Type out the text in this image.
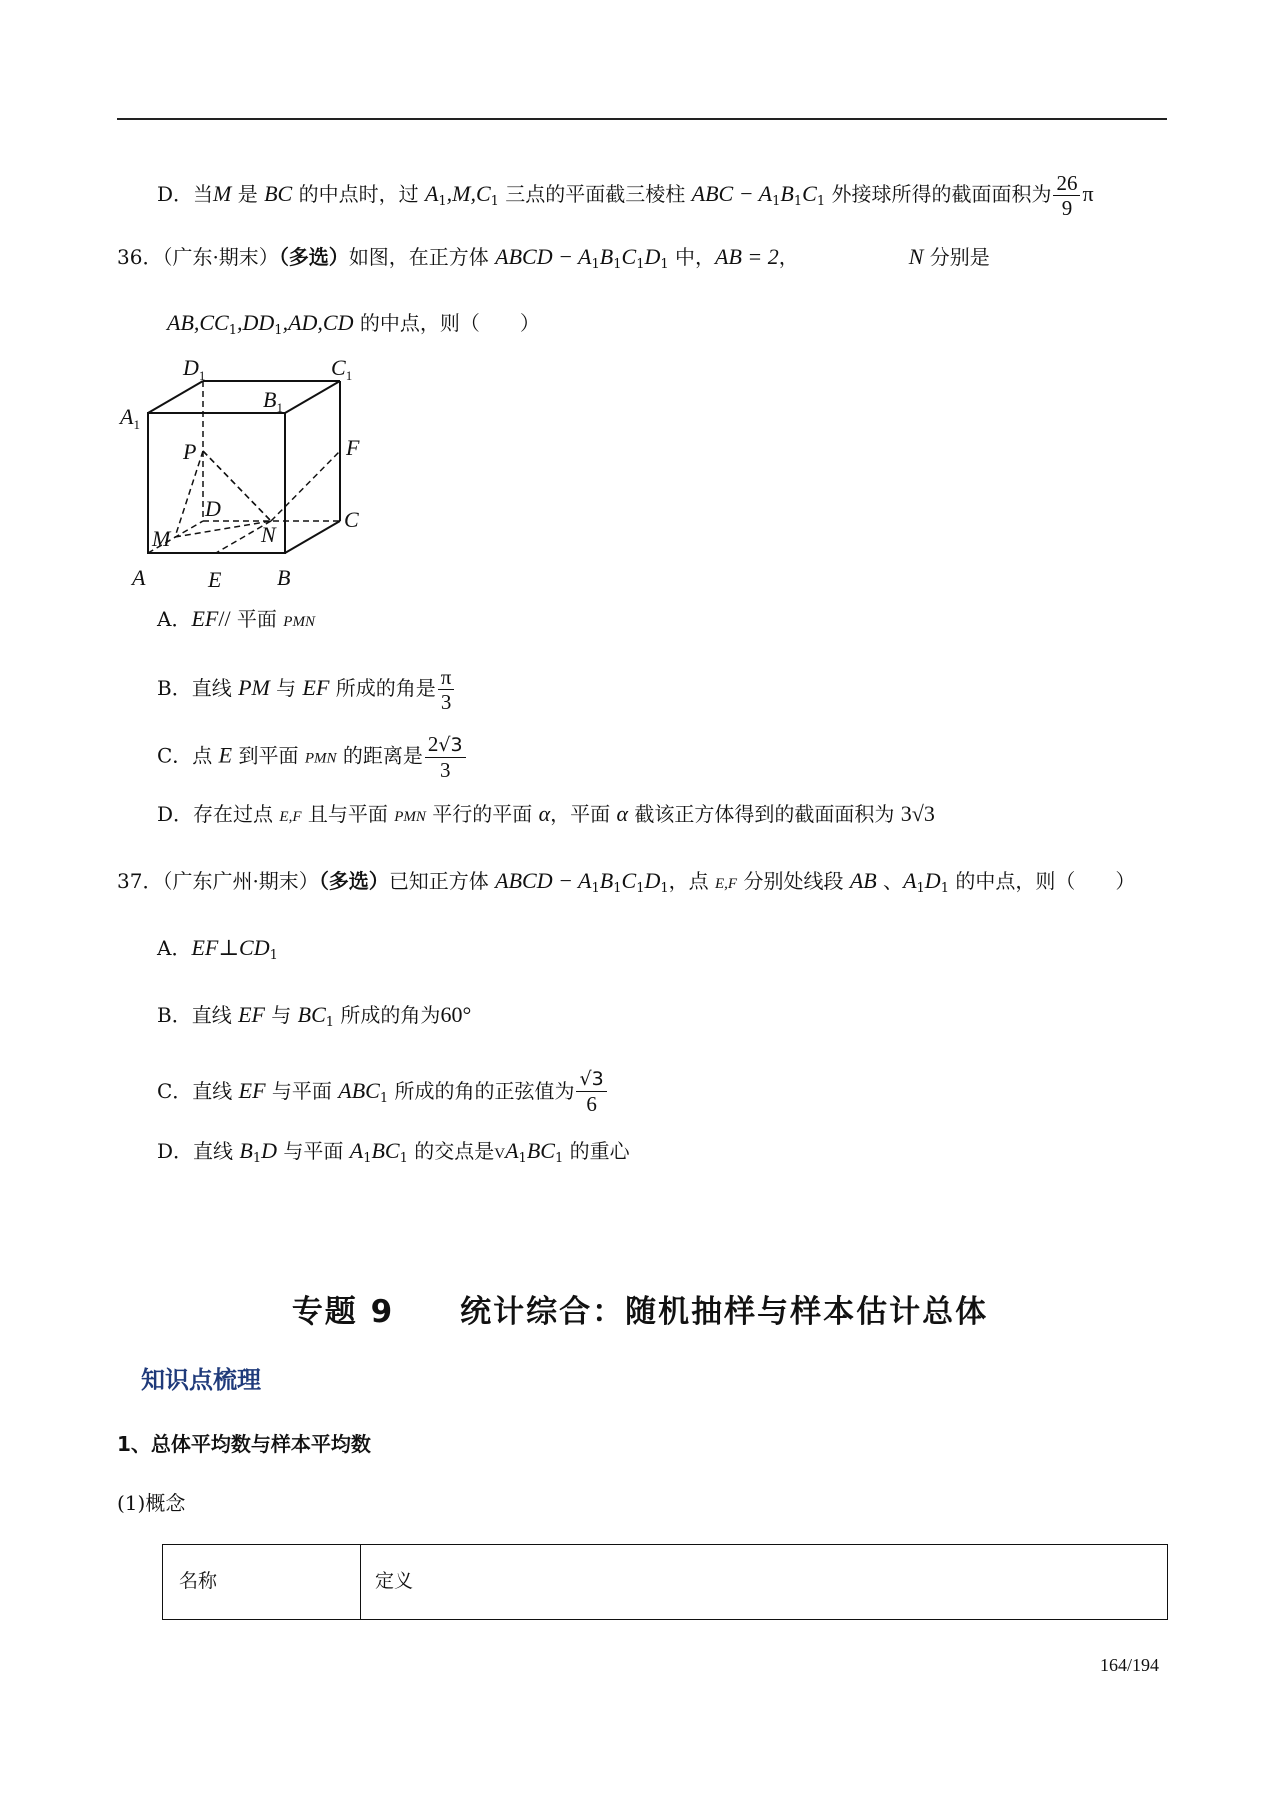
D．当M 是 BC 的中点时，过 $A_1,M,C_1$ 三点的平面截三棱柱 ABC − $A_1B_1C_1$ 外接球所得的截面面积为 $\frac{26}{9}$ π
36．（广东·期末）（多选）如图，在正方体 ABCD − $A_1B_1C_1D_1$ 中，AB = 2，	N 分别是
$AB,CC_1,DD_1,AD,CD$ 的中点，则（　　）
$D_1$	$C_1$
$A_1$
$B_1$
P	F
D	C
M	N
A	E	B
A．EF// 平面 PMN
B．直线 PM 与 EF 所成的角是 $\frac{\pi}{3}$
C．点 E 到平面 PMN 的距离是 $\frac{2√3}{3}$
D．存在过点 E,F 且与平面 PMN 平行的平面 α，平面 α 截该正方体得到的截面面积为 3√3
37．（广东广州·期末）（多选）已知正方体 ABCD − $A_1B_1C_1D_1$，点 E,F 分别处线段 AB 、$A_1D_1$ 的中点，则（　　）
A．$EF\perp CD_1$
B．直线 EF 与 $BC_1$ 所成的角为60°
C．直线 EF 与平面 $ABC_1$ 所成的角的正弦值为 $\frac{√3}{6}$
D．直线 $B_1D$ 与平面 $A_1BC_1$ 的交点是$VA_1BC_1$ 的重心
专题 9　　统计综合：随机抽样与样本估计总体
知识点梳理
1、总体平均数与样本平均数
(1)概念
名称	定义
164/194
